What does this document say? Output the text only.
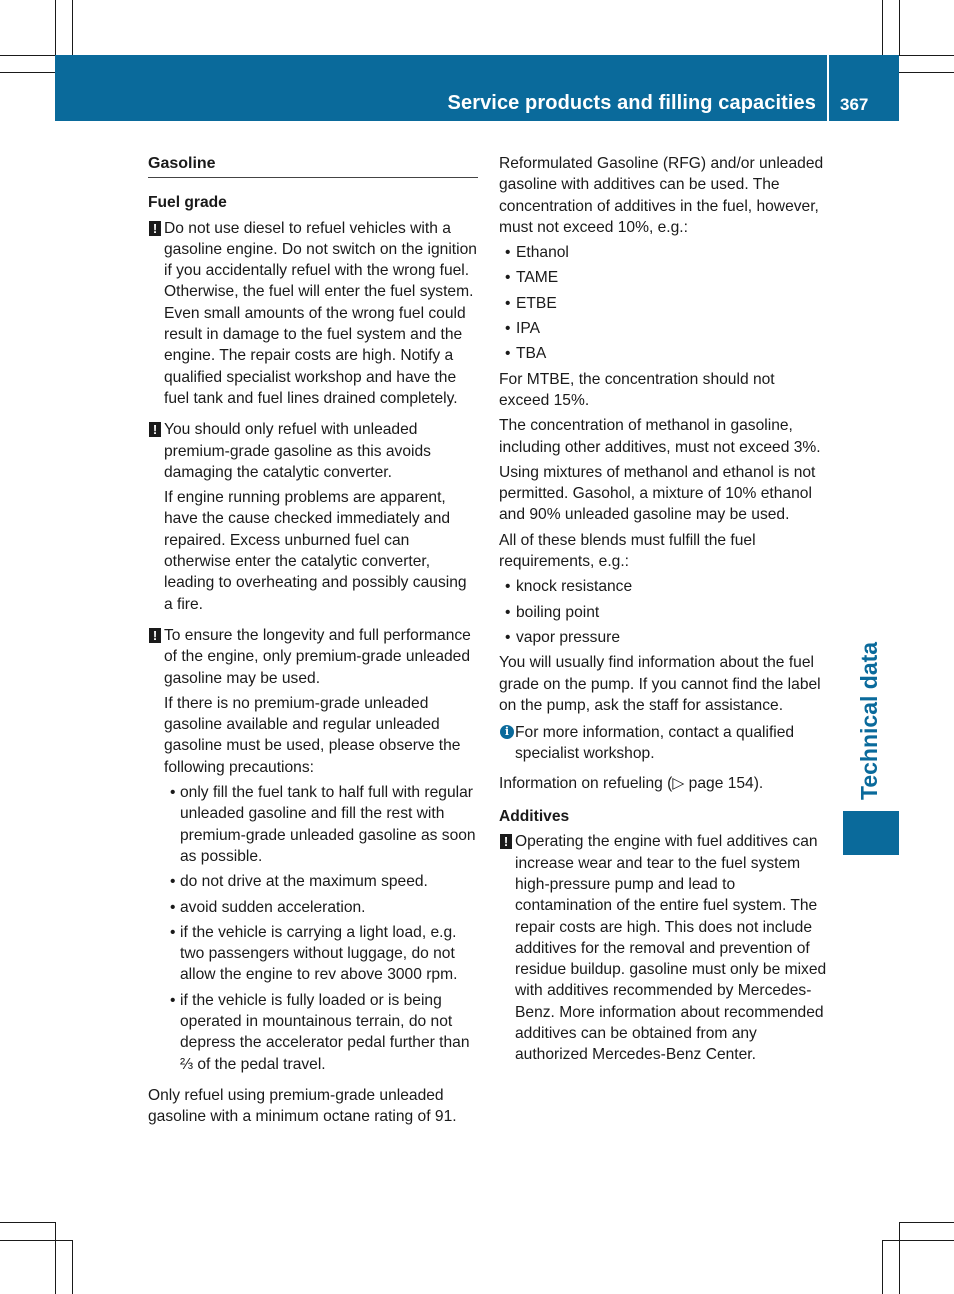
Service products and filling capacities 367
Technical data
Gasoline
Fuel grade
! Do not use diesel to refuel vehicles with a gasoline engine. Do not switch on the ignition if you accidentally refuel with the wrong fuel. Otherwise, the fuel will enter the fuel system. Even small amounts of the wrong fuel could result in damage to the fuel system and the engine. The repair costs are high. Notify a qualified specialist workshop and have the fuel tank and fuel lines drained completely.

! You should only refuel with unleaded premium-grade gasoline as this avoids damaging the catalytic converter.

If engine running problems are apparent, have the cause checked immediately and repaired. Excess unburned fuel can otherwise enter the catalytic converter, leading to overheating and possibly causing a fire.

! To ensure the longevity and full performance of the engine, only premium-grade unleaded gasoline may be used.

If there is no premium-grade unleaded gasoline available and regular unleaded gasoline must be used, please observe the following precautions:

• only fill the fuel tank to half full with regular unleaded gasoline and fill the rest with premium-grade unleaded gasoline as soon as possible.
• do not drive at the maximum speed.
• avoid sudden acceleration.
• if the vehicle is carrying a light load, e.g. two passengers without luggage, do not allow the engine to rev above 3000 rpm.
• if the vehicle is fully loaded or is being operated in mountainous terrain, do not depress the accelerator pedal further than ⅔ of the pedal travel.

Only refuel using premium-grade unleaded gasoline with a minimum octane rating of 91.

Reformulated Gasoline (RFG) and/or unleaded gasoline with additives can be used. The concentration of additives in the fuel, however, must not exceed 10%, e.g.:

• Ethanol
• TAME
• ETBE
• IPA
• TBA

For MTBE, the concentration should not exceed 15%.

The concentration of methanol in gasoline, including other additives, must not exceed 3%.

Using mixtures of methanol and ethanol is not permitted. Gasohol, a mixture of 10% ethanol and 90% unleaded gasoline may be used.

All of these blends must fulfill the fuel requirements, e.g.:

• knock resistance
• boiling point
• vapor pressure

You will usually find information about the fuel grade on the pump. If you cannot find the label on the pump, ask the staff for assistance.

i For more information, contact a qualified specialist workshop.

Information on refueling (▷ page 154).

Additives
! Operating the engine with fuel additives can increase wear and tear to the fuel system high-pressure pump and lead to contamination of the entire fuel system. The repair costs are high. This does not include additives for the removal and prevention of residue buildup. gasoline must only be mixed with additives recommended by Mercedes-Benz. More information about recommended additives can be obtained from any authorized Mercedes-Benz Center.
